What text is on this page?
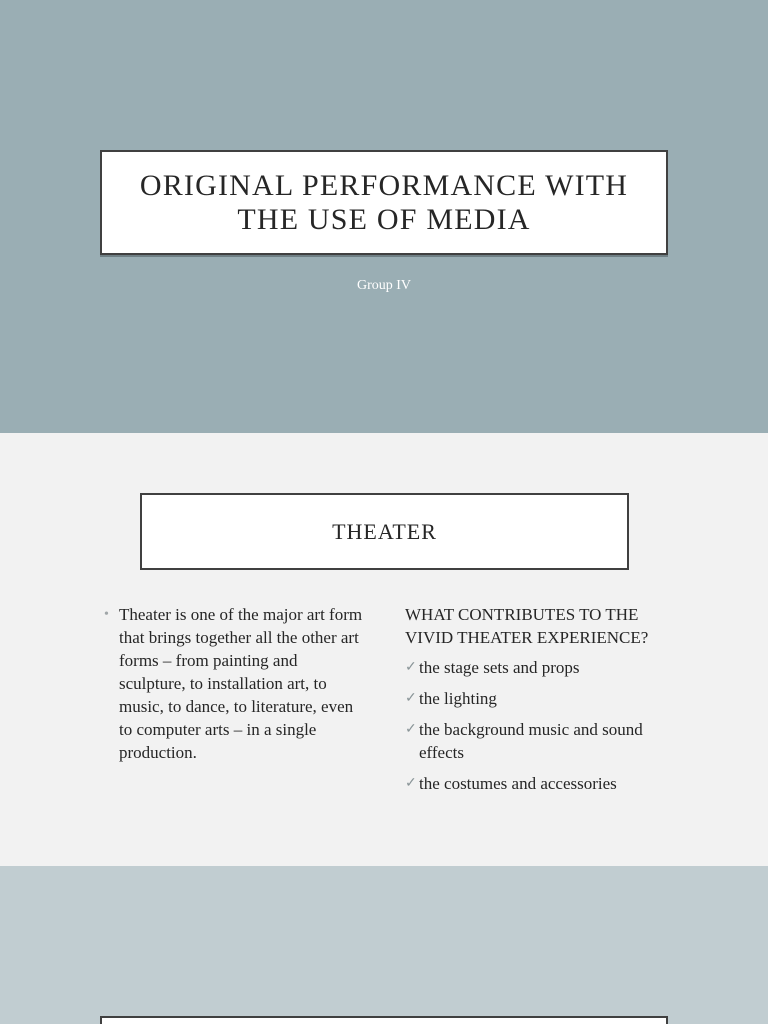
ORIGINAL PERFORMANCE WITH THE USE OF MEDIA
Group IV
THEATER
• Theater is one of the major art form that brings together all the other art forms – from painting and sculpture, to installation art, to music, to dance, to literature, even to computer arts – in a single production.
WHAT CONTRIBUTES TO THE VIVID THEATER EXPERIENCE?
✓ the stage sets and props
✓ the lighting
✓ the background music and sound effects
✓ the costumes and accessories
